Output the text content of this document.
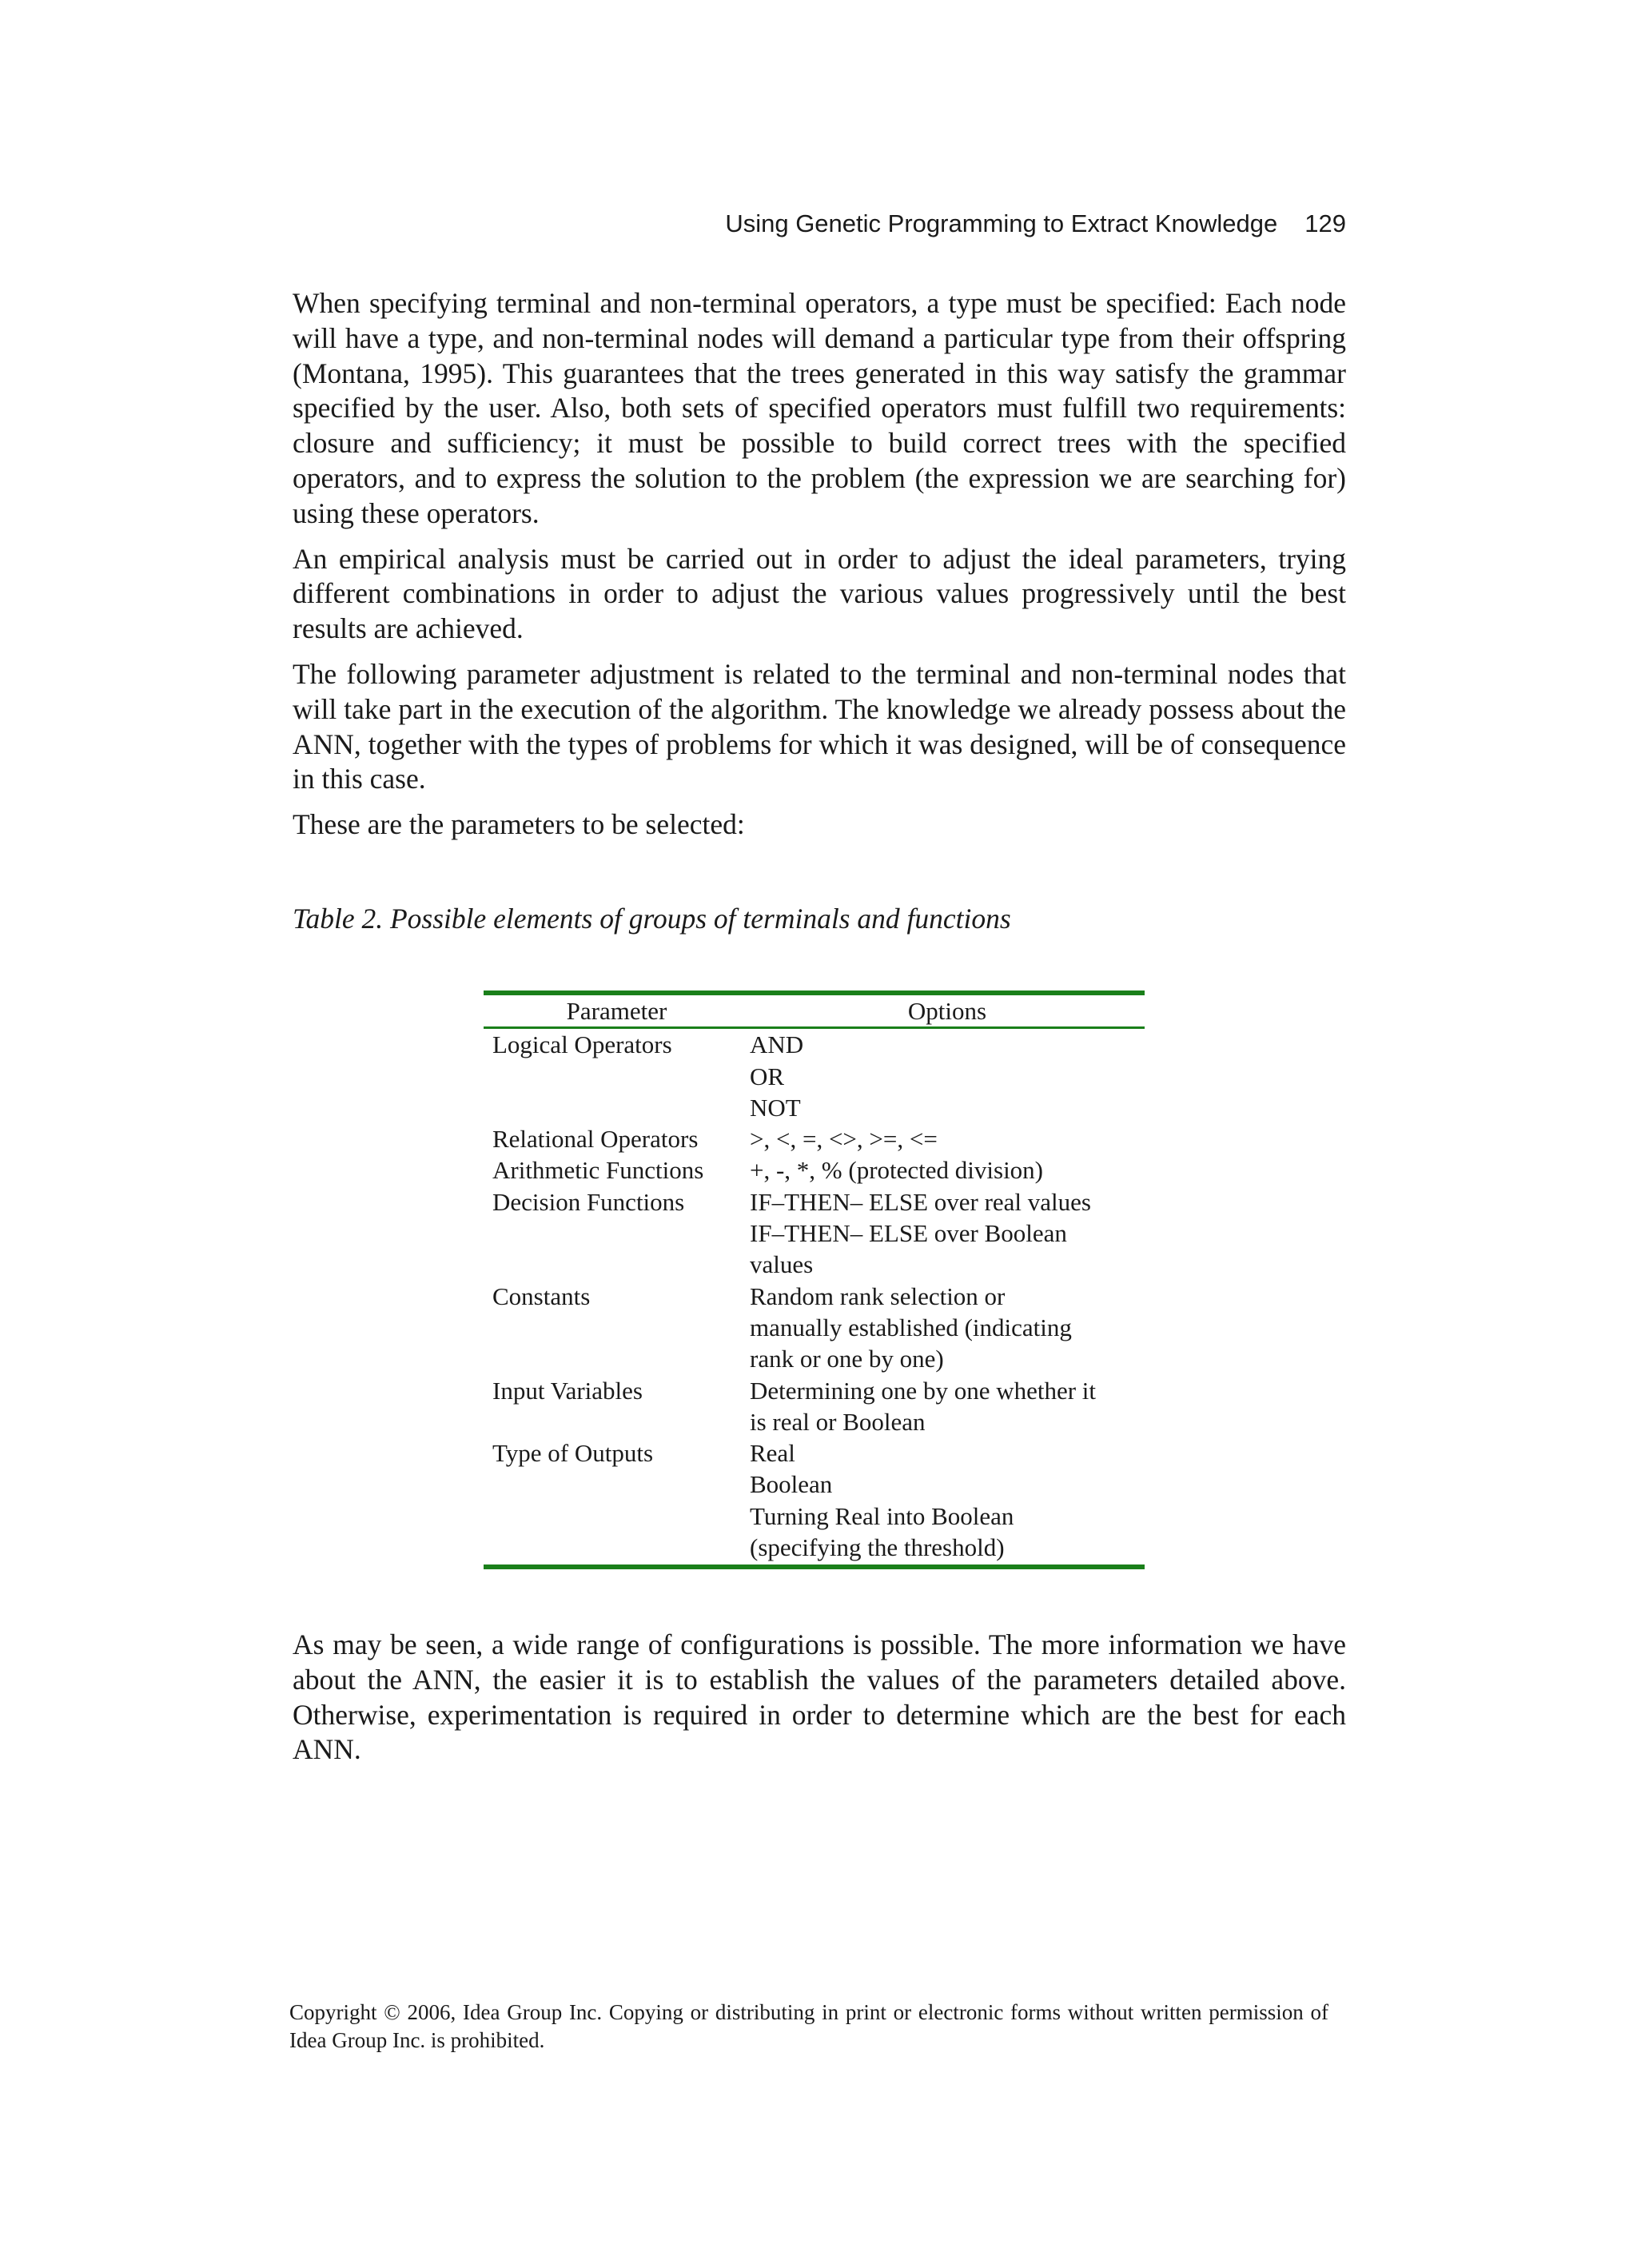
Using Genetic Programming to Extract Knowledge 129

When specifying terminal and non-terminal operators, a type must be specified: Each node will have a type, and non-terminal nodes will demand a particular type from their offspring (Montana, 1995). This guarantees that the trees generated in this way satisfy the grammar specified by the user. Also, both sets of specified operators must fulfill two requirements: closure and sufficiency; it must be possible to build correct trees with the specified operators, and to express the solution to the problem (the expression we are searching for) using these operators.

An empirical analysis must be carried out in order to adjust the ideal parameters, trying different combinations in order to adjust the various values progressively until the best results are achieved.

The following parameter adjustment is related to the terminal and non-terminal nodes that will take part in the execution of the algorithm. The knowledge we already possess about the ANN, together with the types of problems for which it was designed, will be of consequence in this case.

These are the parameters to be selected:

Table 2. Possible elements of groups of terminals and functions
Parameter	Options
Logical Operators	AND
OR
NOT

Relational Operators	>, <, =, <>, >=, <=

Arithmetic Functions	+, -, *, % (protected division)

Decision Functions	IF–THEN– ELSE over real values
IF–THEN– ELSE over Boolean
values

Constants	Random rank selection or
manually established (indicating
rank or one by one)

Input Variables	Determining one by one whether it
is real or Boolean

Type of Outputs	Real
Boolean
Turning Real into Boolean
(specifying the threshold)

As may be seen, a wide range of configurations is possible. The more information we have about the ANN, the easier it is to establish the values of the parameters detailed above. Otherwise, experimentation is required in order to determine which are the best for each ANN.

Copyright © 2006, Idea Group Inc. Copying or distributing in print or electronic forms without written permission of Idea Group Inc. is prohibited.
